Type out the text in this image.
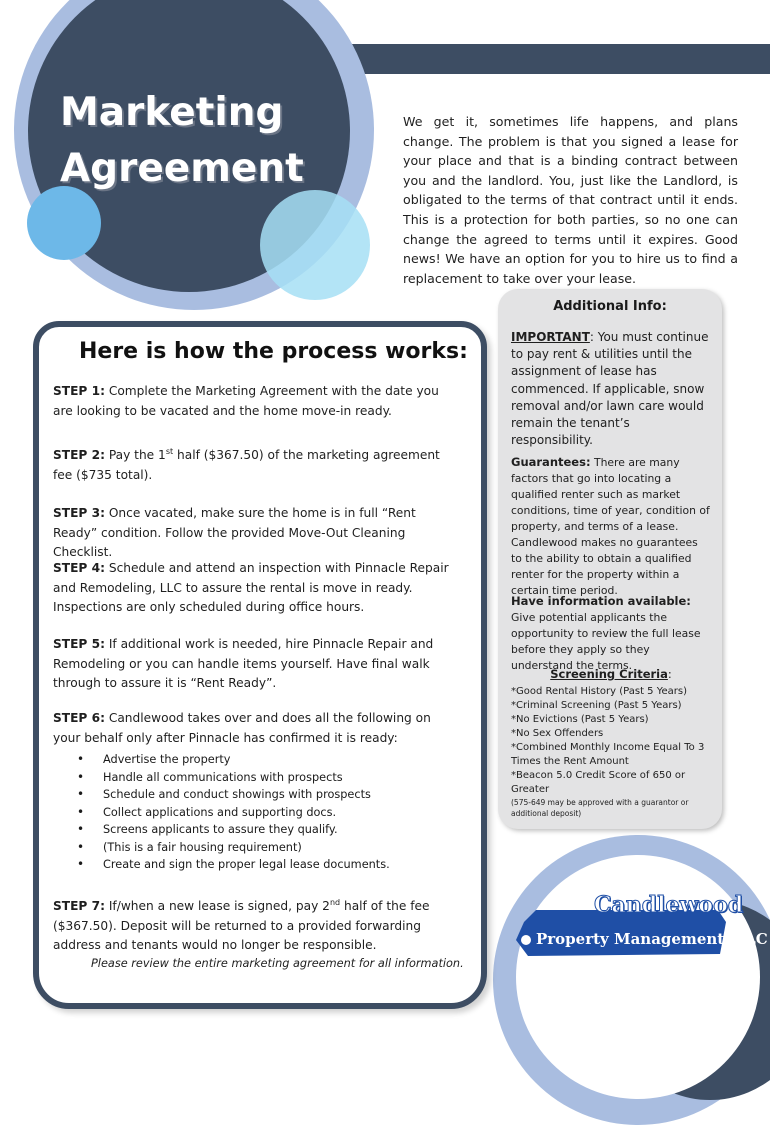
Marketing
Agreement
We get it, sometimes life happens, and plans change. The problem is that you signed a lease for your place and that is a binding contract between you and the landlord. You, just like the Landlord, is obligated to the terms of that contract until it ends. This is a protection for both parties, so no one can change the agreed to terms until it expires. Good news! We have an option for you to hire us to find a replacement to take over your lease.
Here is how the process works:
STEP 1: Complete the Marketing Agreement with the date you are looking to be vacated and the home move-in ready.
STEP 2: Pay the 1st half ($367.50) of the marketing agreement fee ($735 total).
STEP 3: Once vacated, make sure the home is in full “Rent Ready” condition. Follow the provided Move-Out Cleaning Checklist.
STEP 4: Schedule and attend an inspection with Pinnacle Repair and Remodeling, LLC to assure the rental is move in ready. Inspections are only scheduled during office hours.
STEP 5: If additional work is needed, hire Pinnacle Repair and Remodeling or you can handle items yourself. Have final walk through to assure it is “Rent Ready”.
STEP 6: Candlewood takes over and does all the following on your behalf only after Pinnacle has confirmed it is ready:
• Advertise the property
• Handle all communications with prospects
• Schedule and conduct showings with prospects
• Collect applications and supporting docs.
• Screens applicants to assure they qualify.
• (This is a fair housing requirement)
• Create and sign the proper legal lease documents.
STEP 7: If/when a new lease is signed, pay 2nd half of the fee ($367.50). Deposit will be returned to a provided forwarding address and tenants would no longer be responsible.
Please review the entire marketing agreement for all information.
Additional Info:
IMPORTANT: You must continue to pay rent & utilities until the assignment of lease has commenced. If applicable, snow removal and/or lawn care would remain the tenant’s responsibility.
Guarantees: There are many factors that go into locating a qualified renter such as market conditions, time of year, condition of property, and terms of a lease. Candlewood makes no guarantees to the ability to obtain a qualified renter for the property within a certain time period.
Have information available: Give potential applicants the opportunity to review the full lease before they apply so they understand the terms.
Screening Criteria:
*Good Rental History (Past 5 Years)
*Criminal Screening (Past 5 Years)
*No Evictions (Past 5 Years)
*No Sex Offenders
*Combined Monthly Income Equal To 3 Times the Rent Amount
*Beacon 5.0 Credit Score of 650 or Greater
(575-649 may be approved with a guarantor or additional deposit)
Candlewood
Property Management, LLC
